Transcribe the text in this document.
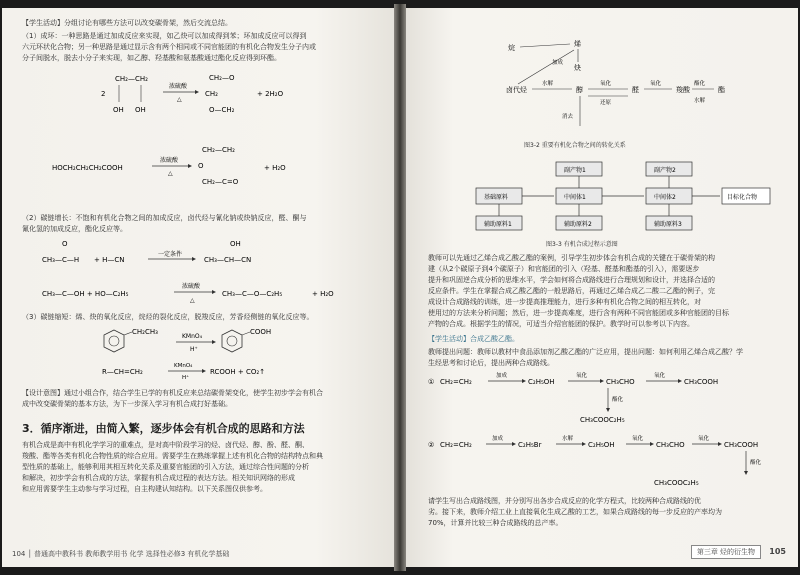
【学生活动】分组讨论有哪些方法可以改变碳骨架，然后交流总结。
（1）成环：一种思路是通过加成反应来实现，如乙炔可以加成得到苯；环加成反应可以得到
六元环状化合物；另一种思路是通过显示含有两个相同或不同官能团的有机化合物发生分子内或
分子间脱水，脱去小分子来实现，如乙醇、羟基酸和氨基酸通过酯化反应得到环酯。
CH₂—CH₂
2
OH OH
浓硫酸
△
CH₂—O
CH₂
O—CH₂
+ 2H₂O
HOCH₂CH₂CH₂COOH
浓硫酸
△
CH₂—CH₂
O
CH₂—C=O
+ H₂O
（2）碳链增长：不饱和有机化合物之间的加成反应，卤代烃与氰化钠或炔钠反应，醛、酮与
氰化氢的加成反应，酯化反应等。
O
CH₃—C—H + H—CN
一定条件
OH
CH₃—CH—CN
CH₃—C—OH + HO—C₂H₅
浓硫酸
△
CH₃—C—O—C₂H₅	+ H₂O
（3）碳链缩短：烯、炔的氧化反应，烷烃的裂化反应，脱羧反应，芳香烃侧链的氧化反应等。
CH₂CH₃
KMnO₄
H⁺
COOH
R—CH=CH₂
KMnO₄
H⁺
RCOOH + CO₂↑
【设计意图】通过小组合作，结合学生已学的有机反应来总结碳骨架变化，使学生初步学会有机合
成中改变碳骨架的基本方法，为下一步深入学习有机合成打好基础。
3．循序渐进，由简入繁，逐步体会有机合成的思路和方法
有机合成是高中有机化学学习的重难点，是对高中阶段学习的烃、卤代烃、醇、酚、醛、酮、
羧酸、酯等各类有机化合物性质的综合应用。需要学生在熟练掌握上述有机化合物的结构特点和典
型性质的基础上，能够利用其相互转化关系及重要官能团的引入方法，通过综合性问题的分析
和解决，初步学会有机合成的方法，掌握有机合成过程的表达方法。相关知识网络的形成
和应用需要学生主动参与学习过程，自主构建认知结构。以下关系图仅供参考。
104 │ 普通高中教科书 教师教学用书 化学 选择性必修3 有机化学基础
烷	烯
炔
卤代烃	醇	醛	羧酸	酯
水解	氧化
还原
氧化	酯化
水解
加成
消去
图3-2 重要有机化合物之间的转化关系
副产物1	副产物2
基础原料	中间体1	中间体2	目标化合物
辅助原料1	辅助原料2	辅助原料3
图3-3 有机合成过程示意图
教师可以先通过乙烯合成乙酸乙酯的案例，引导学生初步体会有机合成的关键在于碳骨架的构
建（从2个碳原子到4个碳原子）和官能团的引入（羟基、醛基和酯基的引入），需要逐步
提升和巩固逆合成分析的思维水平，学会如何将合成路线进行合理规划和设计，并选择合适的
反应条件。学生在掌握合成乙酸乙酯的一般思路后，再通过乙烯合成乙二酸二乙酯的例子，完
成设计合成路线的训练，进一步提高推理能力，进行多种有机化合物之间的相互转化，对
使用过的方法来分析问题；然后，进一步提高难度，进行含有两种不同官能团或多种官能团的目标
产物的合成。根据学生的情况，可适当介绍官能团的保护。教学时可以参考以下内容。
【学生活动】合成乙酸乙酯。
教师提出问题：教师以教材中食品添加剂乙酸乙酯的广泛应用，提出问题：如何利用乙烯合成乙酸？学
生经思考和讨论后，提出两种合成路线。
① CH₂=CH₂
加成
C₂H₅OH
氧化
CH₃CHO
氧化
CH₃COOH
酯化
CH₃COOC₂H₅
② CH₂=CH₂
加成
C₂H₅Br
水解
C₂H₅OH
氧化
CH₃CHO
氧化
CH₃COOH
酯化
CH₃COOC₂H₅
请学生写出合成路线图，并分别写出各步合成反应的化学方程式，比较两种合成路线的优
劣。接下来，教师介绍工业上直接氧化生成乙酸的工艺，如果合成路线的每一步反应的产率均为
70%，计算并比较三种合成路线的总产率。
第三章 烃的衍生物 105
